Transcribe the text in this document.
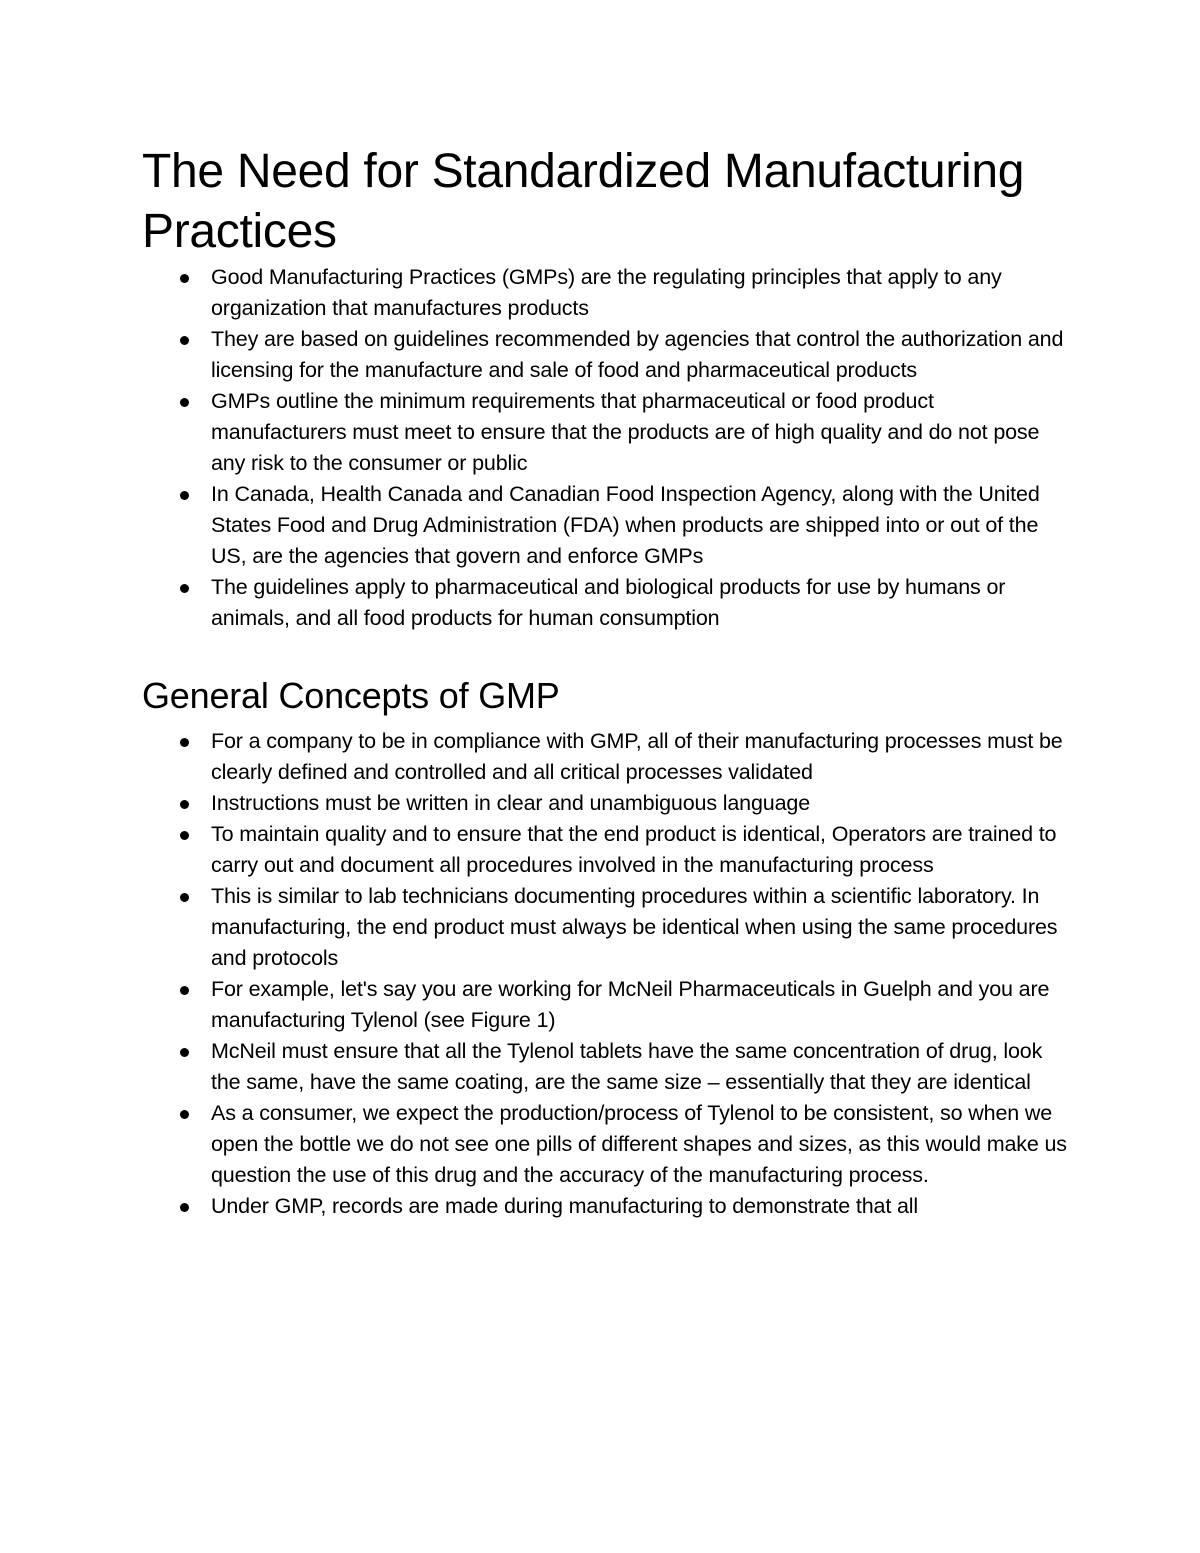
The Need for Standardized Manufacturing Practices
Good Manufacturing Practices (GMPs) are the regulating principles that apply to any organization that manufactures products
They are based on guidelines recommended by agencies that control the authorization and licensing for the manufacture and sale of food and pharmaceutical products
GMPs outline the minimum requirements that pharmaceutical or food product manufacturers must meet to ensure that the products are of high quality and do not pose any risk to the consumer or public
In Canada, Health Canada and Canadian Food Inspection Agency, along with the United States Food and Drug Administration (FDA) when products are shipped into or out of the US, are the agencies that govern and enforce GMPs
The guidelines apply to pharmaceutical and biological products for use by humans or animals, and all food products for human consumption
General Concepts of GMP
For a company to be in compliance with GMP, all of their manufacturing processes must be clearly defined and controlled and all critical processes validated
Instructions must be written in clear and unambiguous language
To maintain quality and to ensure that the end product is identical, Operators are trained to carry out and document all procedures involved in the manufacturing process
This is similar to lab technicians documenting procedures within a scientific laboratory. In manufacturing, the end product must always be identical when using the same procedures and protocols
For example, let's say you are working for McNeil Pharmaceuticals in Guelph and you are manufacturing Tylenol (see Figure 1)
McNeil must ensure that all the Tylenol tablets have the same concentration of drug, look the same, have the same coating, are the same size – essentially that they are identical
As a consumer, we expect the production/process of Tylenol to be consistent, so when we open the bottle we do not see one pills of different shapes and sizes, as this would make us question the use of this drug and the accuracy of the manufacturing process.
Under GMP, records are made during manufacturing to demonstrate that all
